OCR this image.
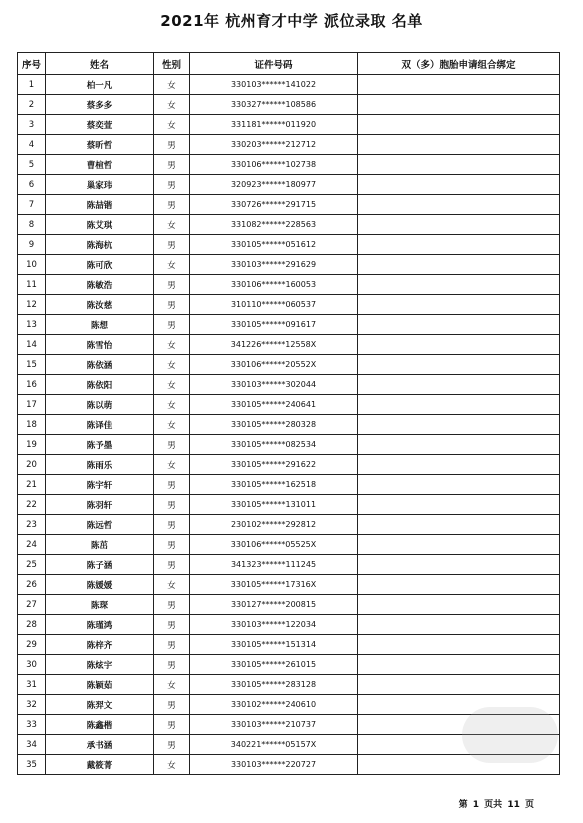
2021年 杭州育才中学 派位录取 名单
序号	姓名	性别	证件号码	双（多）胞胎申请组合绑定
1	柏一凡	女	330103******141022	
2	蔡多多	女	330327******108586	
3	蔡奕萱	女	331181******011920	
4	蔡昕哲	男	330203******212712	
5	曹楦哲	男	330106******102738	
6	巢家玮	男	320923******180977	
7	陈喆锴	男	330726******291715	
8	陈艾琪	女	331082******228563	
9	陈海杭	男	330105******051612	
10	陈可欣	女	330103******291629	
11	陈敏浩	男	330106******160053	
12	陈汝慈	男	310110******060537	
13	陈想	男	330105******091617	
14	陈雪怡	女	341226******12558X	
15	陈依涵	女	330106******20552X	
16	陈依阳	女	330103******302044	
17	陈以萌	女	330105******240641	
18	陈译佳	女	330105******280328	
19	陈予墨	男	330105******082534	
20	陈雨乐	女	330105******291622	
21	陈宇轩	男	330105******162518	
22	陈羽轩	男	330105******131011	
23	陈远哲	男	230102******292812	
24	陈茁	男	330106******05525X	
25	陈子涵	男	341323******111245	
26	陈媛媛	女	330105******17316X	
27	陈琛	男	330127******200815	
28	陈瑾鸿	男	330103******122034	
29	陈梓齐	男	330105******151314	
30	陈炫宇	男	330105******261015	
31	陈颖茹	女	330105******283128	
32	陈羿文	男	330102******240610	
33	陈鑫楷	男	330103******210737	
34	承书涵	男	340221******05157X	
35	戴筱菁	女	330103******220727	
第 1 页共 11 页
